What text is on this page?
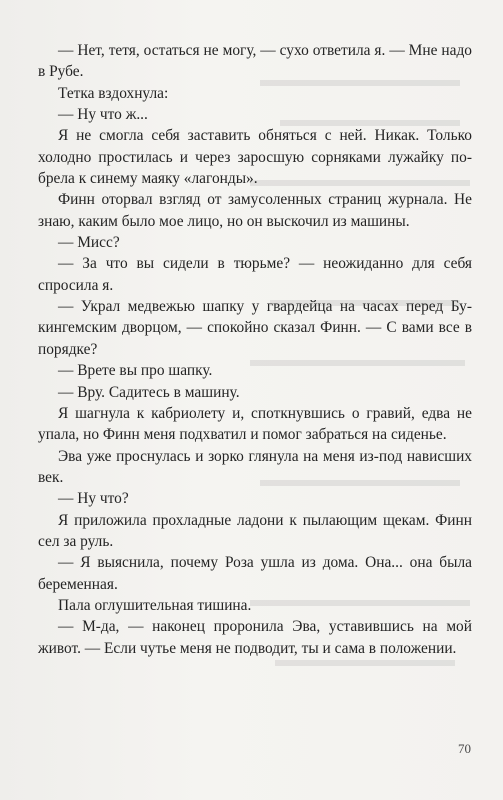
— Нет, тетя, остаться не могу, — сухо ответила я. — Мне надо в Рубе.

Тетка вздохнула:

— Ну что ж...

Я не смогла себя заставить обняться с ней. Никак. Только холодно простилась и через заросшую сорняками лужайку побрела к синему маяку «лагонды».

Финн оторвал взгляд от замусоленных страниц журнала. Не знаю, каким было мое лицо, но он выскочил из машины.

— Мисс?

— За что вы сидели в тюрьме? — неожиданно для себя спросила я.

— Украл медвежью шапку у гвардейца на часах перед Букингемским дворцом, — спокойно сказал Финн. — С вами все в порядке?

— Врете вы про шапку.

— Вру. Садитесь в машину.

Я шагнула к кабриолету и, споткнувшись о гравий, едва не упала, но Финн меня подхватил и помог забраться на сиденье.

Эва уже проснулась и зорко глянула на меня из-под нависших век.

— Ну что?

Я приложила прохладные ладони к пылающим щекам. Финн сел за руль.

— Я выяснила, почему Роза ушла из дома. Она... она была беременная.

Пала оглушительная тишина.

— М-да, — наконец проронила Эва, уставившись на мой живот. — Если чутье меня не подводит, ты и сама в положении.

70
